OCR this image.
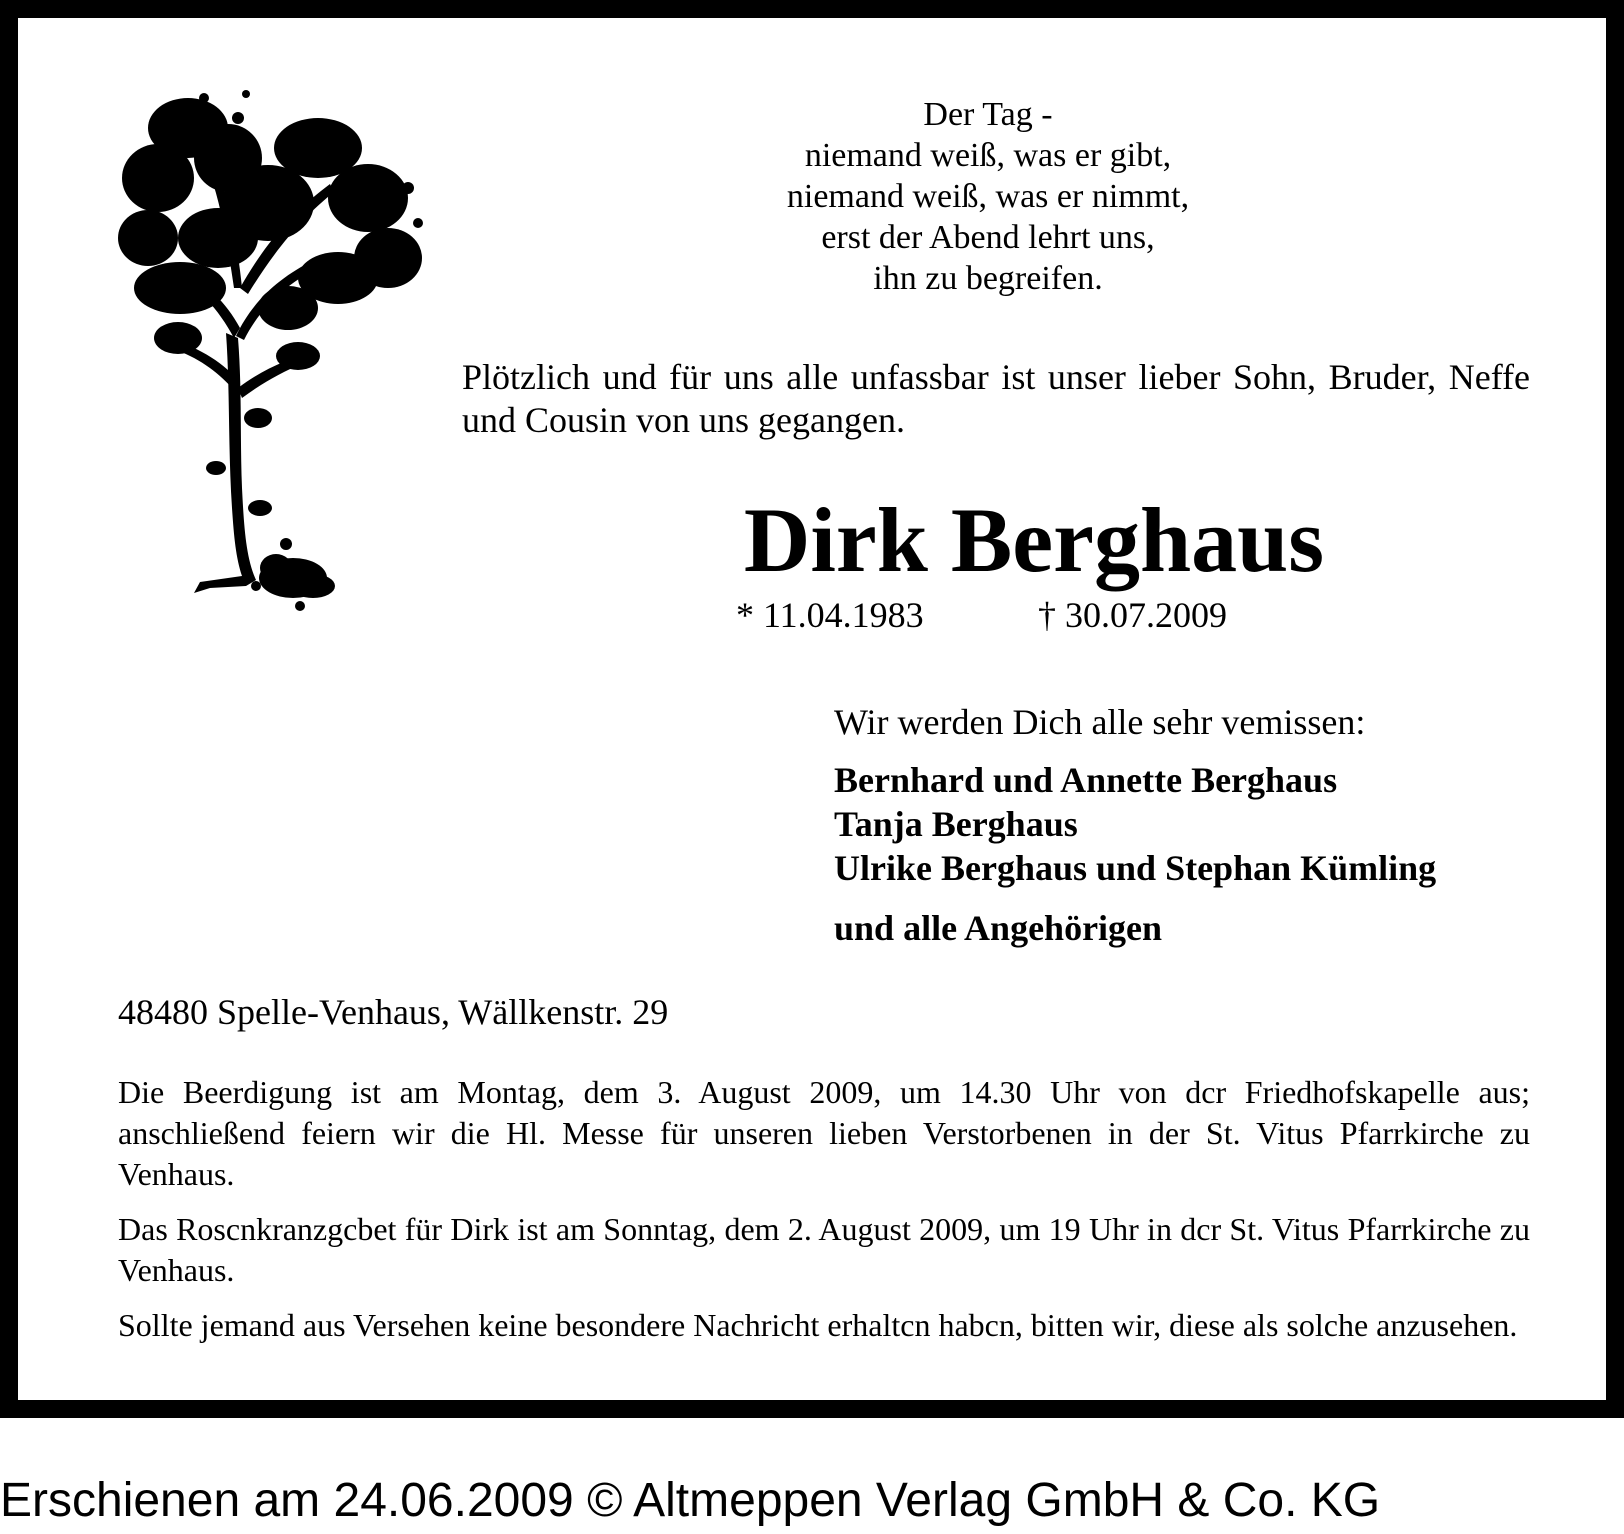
Der Tag -
niemand weiß, was er gibt,
niemand weiß, was er nimmt,
erst der Abend lehrt uns,
ihn zu begreifen.
Plötzlich und für uns alle unfassbar ist unser lieber Sohn, Bruder, Neffe und Cousin von uns gegangen.
Dirk Berghaus
* 11.04.1983	† 30.07.2009
Wir werden Dich alle sehr vemissen:
Bernhard und Annette Berghaus
Tanja Berghaus
Ulrike Berghaus und Stephan Kümling
und alle Angehörigen
48480 Spelle-Venhaus, Wällkenstr. 29
Die Beerdigung ist am Montag, dem 3. August 2009, um 14.30 Uhr von dcr Friedhofskapelle aus; anschließend feiern wir die Hl. Messe für unseren lieben Verstorbenen in der St. Vitus Pfarrkirche zu Venhaus.
Das Roscnkranzgcbet für Dirk ist am Sonntag, dem 2. August 2009, um 19 Uhr in dcr St. Vitus Pfarrkirche zu Venhaus.
Sollte jemand aus Versehen keine besondere Nachricht erhaltcn habcn, bitten wir, diese als solche anzusehen.
Erschienen am 24.06.2009 © Altmeppen Verlag GmbH & Co. KG
